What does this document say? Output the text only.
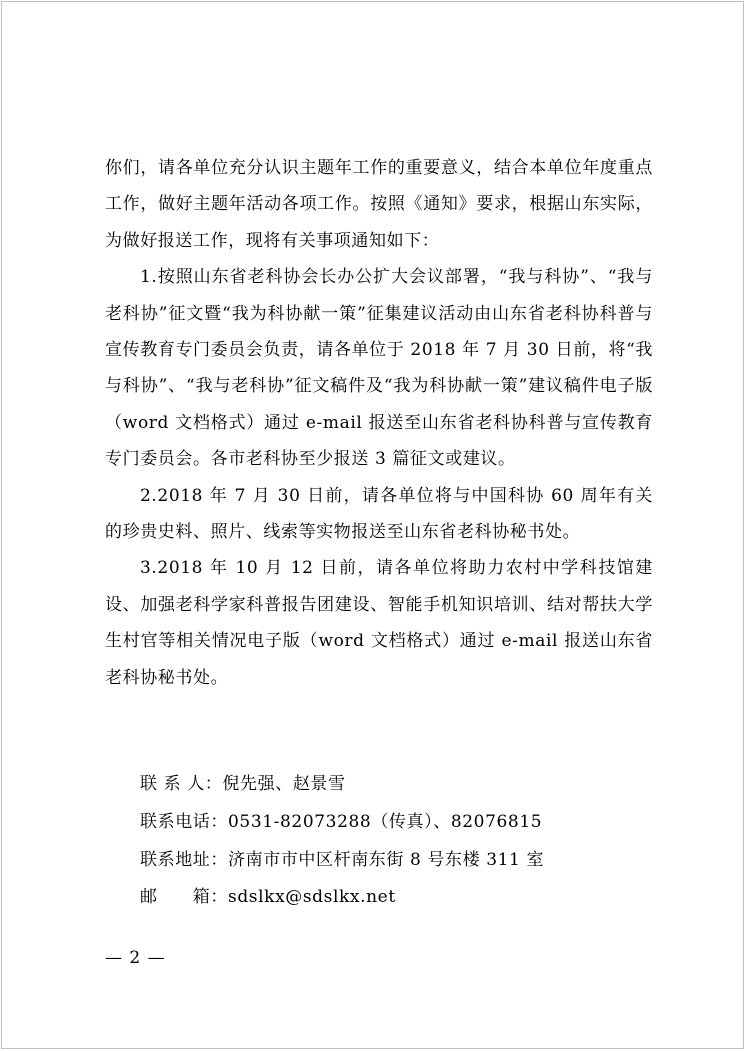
你们，请各单位充分认识主题年工作的重要意义，结合本单位年度重点工作，做好主题年活动各项工作。按照《通知》要求，根据山东实际，为做好报送工作，现将有关事项通知如下：

1.按照山东省老科协会长办公扩大会议部署，“我与科协”、“我与老科协”征文暨“我为科协献一策”征集建议活动由山东省老科协科普与宣传教育专门委员会负责，请各单位于 2018 年 7 月 30 日前，将“我与科协”、“我与老科协”征文稿件及“我为科协献一策”建议稿件电子版（word 文档格式）通过 e-mail 报送至山东省老科协科普与宣传教育专门委员会。各市老科协至少报送 3 篇征文或建议。

2.2018 年 7 月 30 日前，请各单位将与中国科协 60 周年有关的珍贵史料、照片、线索等实物报送至山东省老科协秘书处。

3.2018 年 10 月 12 日前，请各单位将助力农村中学科技馆建设、加强老科学家科普报告团建设、智能手机知识培训、结对帮扶大学生村官等相关情况电子版（word 文档格式）通过 e-mail 报送山东省老科协秘书处。

联 系 人：倪先强、赵景雪

联系电话：0531-82073288（传真）、82076815

联系地址：济南市市中区杆南东街 8 号东楼 311 室

邮　　箱：sdslkx@sdslkx.net

— 2 —
